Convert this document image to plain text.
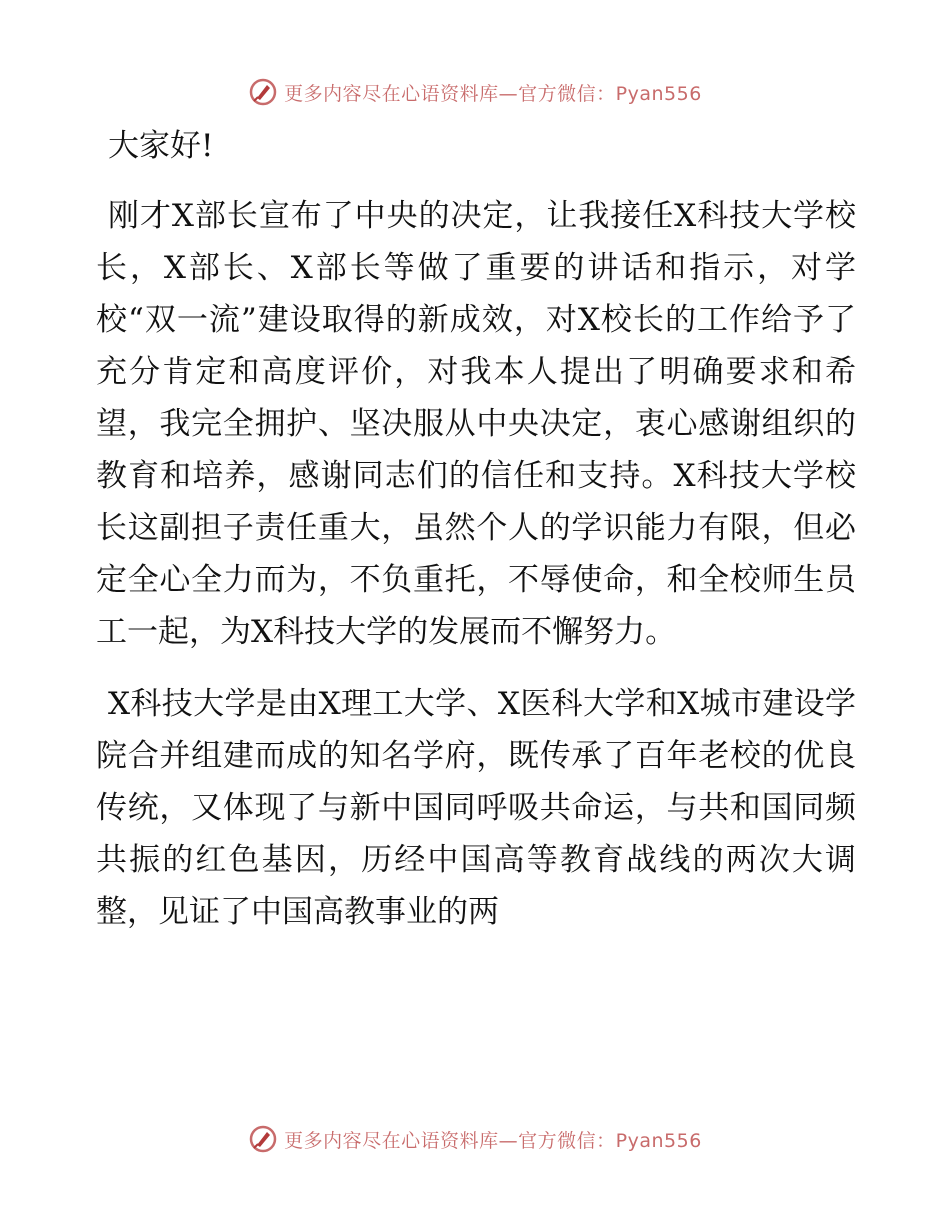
更多内容尽在心语资料库—官方微信：Pyan556

大家好!

刚才X部长宣布了中央的决定，让我接任X科技大学校长，X部长、X部长等做了重要的讲话和指示，对学校“双一流”建设取得的新成效，对X校长的工作给予了充分肯定和高度评价，对我本人提出了明确要求和希望，我完全拥护、坚决服从中央决定，衷心感谢组织的教育和培养，感谢同志们的信任和支持。X科技大学校长这副担子责任重大，虽然个人的学识能力有限，但必定全心全力而为，不负重托，不辱使命，和全校师生员工一起，为X科技大学的发展而不懈努力。

X科技大学是由X理工大学、X医科大学和X城市建设学院合并组建而成的知名学府，既传承了百年老校的优良传统，又体现了与新中国同呼吸共命运，与共和国同频共振的红色基因，历经中国高等教育战线的两次大调整，见证了中国高教事业的两

更多内容尽在心语资料库—官方微信：Pyan556
